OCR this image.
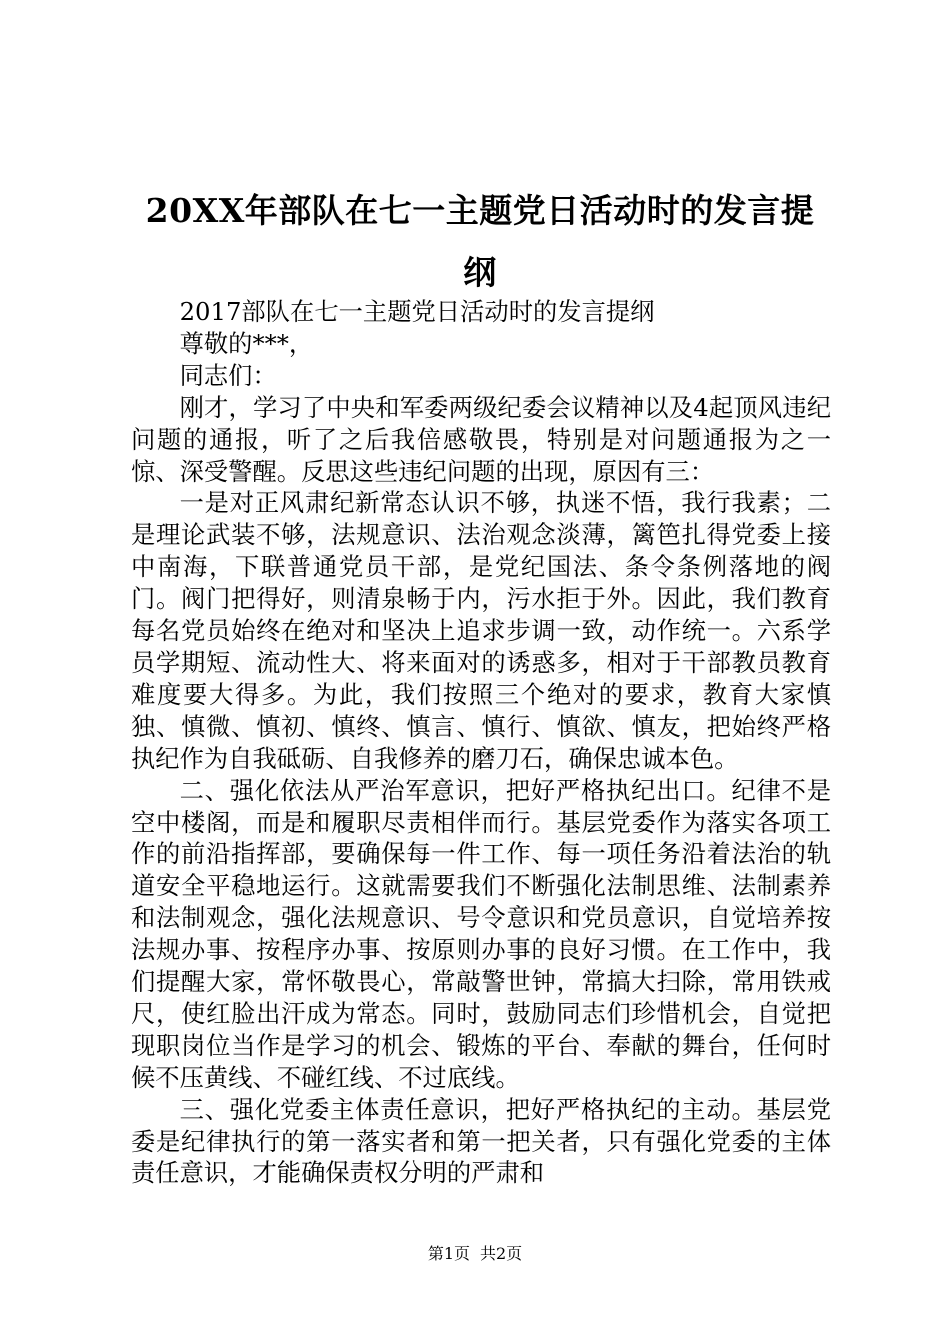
20XX年部队在七一主题党日活动时的发言提纲

2017部队在七一主题党日活动时的发言提纲

尊敬的***，

同志们：

刚才，学习了中央和军委两级纪委会议精神以及4起顶风违纪问题的通报，听了之后我倍感敬畏，特别是对问题通报为之一惊、深受警醒。反思这些违纪问题的出现，原因有三：

一是对正风肃纪新常态认识不够，执迷不悟，我行我素；二是理论武装不够，法规意识、法治观念淡薄，篱笆扎得党委上接中南海，下联普通党员干部，是党纪国法、条令条例落地的阀门。阀门把得好，则清泉畅于内，污水拒于外。因此，我们教育每名党员始终在绝对和坚决上追求步调一致，动作统一。六系学员学期短、流动性大、将来面对的诱惑多，相对于干部教员教育难度要大得多。为此，我们按照三个绝对的要求，教育大家慎独、慎微、慎初、慎终、慎言、慎行、慎欲、慎友，把始终严格执纪作为自我砥砺、自我修养的磨刀石，确保忠诚本色。

二、强化依法从严治军意识，把好严格执纪出口。纪律不是空中楼阁，而是和履职尽责相伴而行。基层党委作为落实各项工作的前沿指挥部，要确保每一件工作、每一项任务沿着法治的轨道安全平稳地运行。这就需要我们不断强化法制思维、法制素养和法制观念，强化法规意识、号令意识和党员意识，自觉培养按法规办事、按程序办事、按原则办事的良好习惯。在工作中，我们提醒大家，常怀敬畏心，常敲警世钟，常搞大扫除，常用铁戒尺，使红脸出汗成为常态。同时，鼓励同志们珍惜机会，自觉把现职岗位当作是学习的机会、锻炼的平台、奉献的舞台，任何时候不压黄线、不碰红线、不过底线。

三、强化党委主体责任意识，把好严格执纪的主动。基层党委是纪律执行的第一落实者和第一把关者，只有强化党委的主体责任意识，才能确保责权分明的严肃和

第1页 共2页
